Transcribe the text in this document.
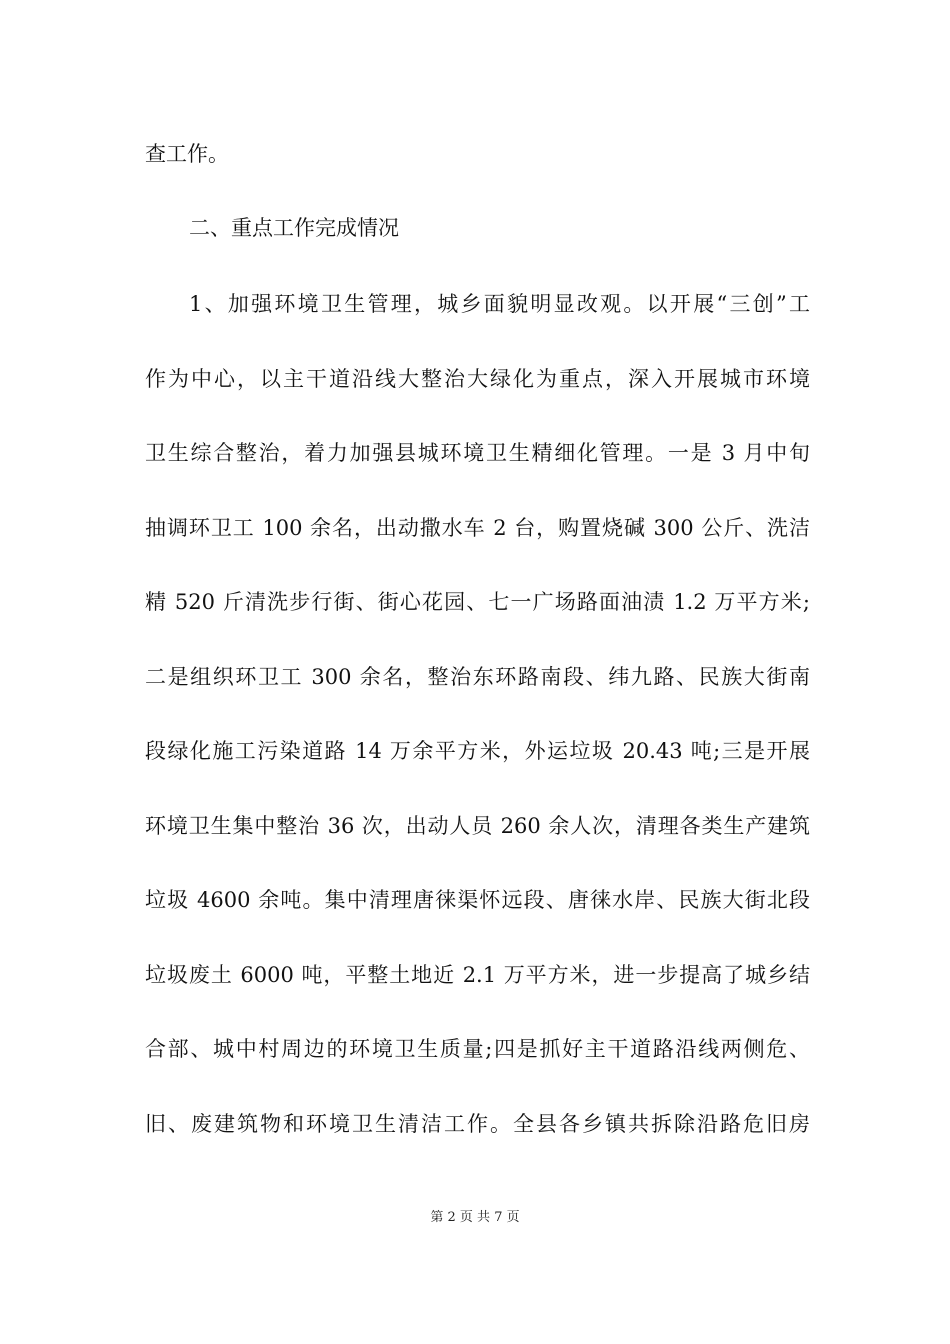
查工作。
二、重点工作完成情况
1、加强环境卫生管理，城乡面貌明显改观。以开展“三创”工
作为中心，以主干道沿线大整治大绿化为重点，深入开展城市环境
卫生综合整治，着力加强县城环境卫生精细化管理。一是 3 月中旬
抽调环卫工 100 余名，出动撒水车 2 台，购置烧碱 300 公斤、洗洁
精 520 斤清洗步行街、街心花园、七一广场路面油渍 1.2 万平方米;
二是组织环卫工 300 余名，整治东环路南段、纬九路、民族大街南
段绿化施工污染道路 14 万余平方米，外运垃圾 20.43 吨;三是开展
环境卫生集中整治 36 次，出动人员 260 余人次，清理各类生产建筑
垃圾 4600 余吨。集中清理唐徕渠怀远段、唐徕水岸、民族大街北段
垃圾废土 6000 吨，平整土地近 2.1 万平方米，进一步提高了城乡结
合部、城中村周边的环境卫生质量;四是抓好主干道路沿线两侧危、
旧、废建筑物和环境卫生清洁工作。全县各乡镇共拆除沿路危旧房
第 2 页 共 7 页
